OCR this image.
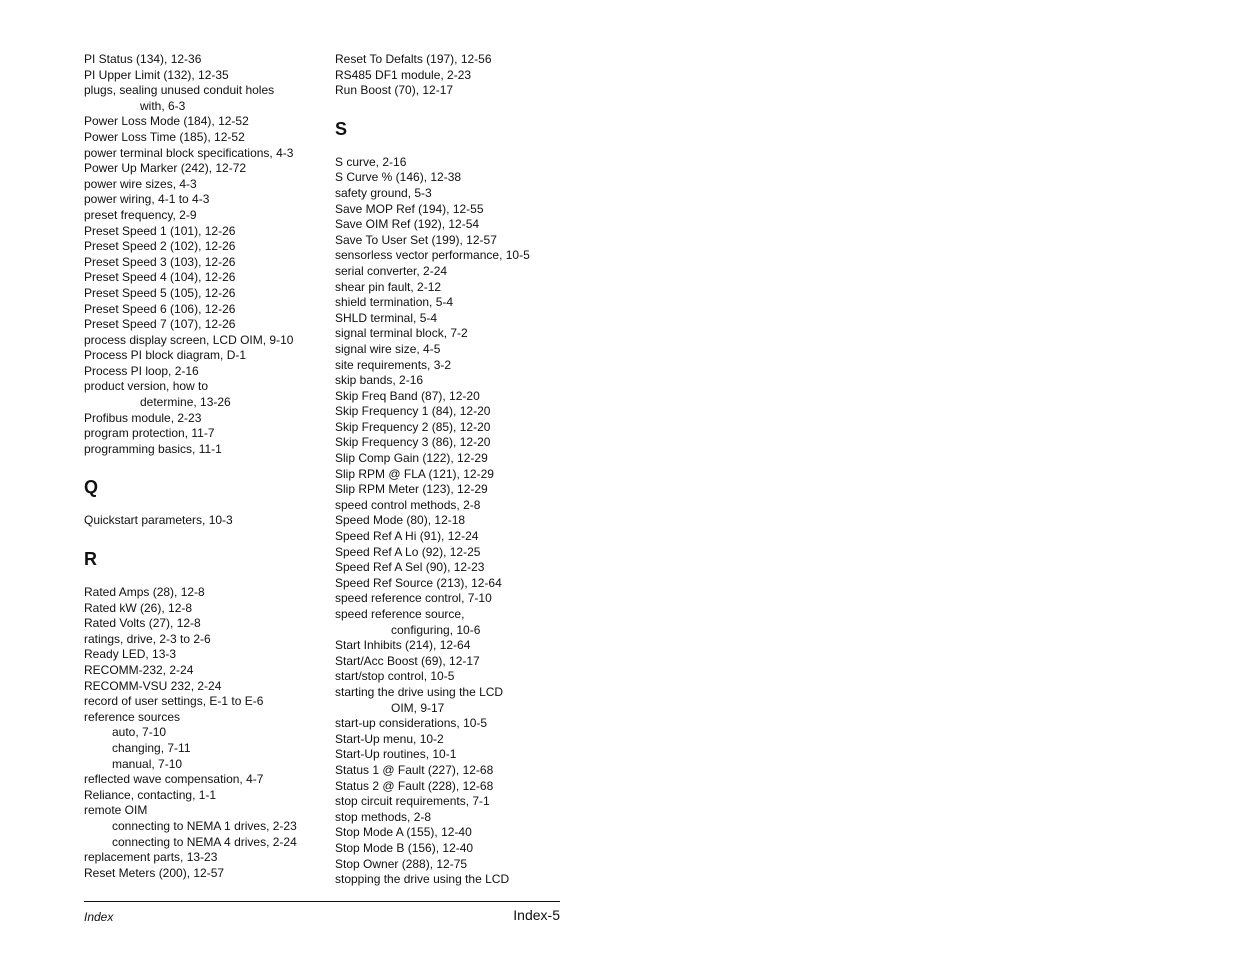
PI Status (134), 12-36
PI Upper Limit (132), 12-35
plugs, sealing unused conduit holes
with, 6-3
Power Loss Mode (184), 12-52
Power Loss Time (185), 12-52
power terminal block specifications, 4-3
Power Up Marker (242), 12-72
power wire sizes, 4-3
power wiring, 4-1 to 4-3
preset frequency, 2-9
Preset Speed 1 (101), 12-26
Preset Speed 2 (102), 12-26
Preset Speed 3 (103), 12-26
Preset Speed 4 (104), 12-26
Preset Speed 5 (105), 12-26
Preset Speed 6 (106), 12-26
Preset Speed 7 (107), 12-26
process display screen, LCD OIM, 9-10
Process PI block diagram, D-1
Process PI loop, 2-16
product version, how to
determine, 13-26
Profibus module, 2-23
program protection, 11-7
programming basics, 11-1
Q
Quickstart parameters, 10-3
R
Rated Amps (28), 12-8
Rated kW (26), 12-8
Rated Volts (27), 12-8
ratings, drive, 2-3 to 2-6
Ready LED, 13-3
RECOMM-232, 2-24
RECOMM-VSU 232, 2-24
record of user settings, E-1 to E-6
reference sources
auto, 7-10
changing, 7-11
manual, 7-10
reflected wave compensation, 4-7
Reliance, contacting, 1-1
remote OIM
connecting to NEMA 1 drives, 2-23
connecting to NEMA 4 drives, 2-24
replacement parts, 13-23
Reset Meters (200), 12-57
Reset To Defalts (197), 12-56
RS485 DF1 module, 2-23
Run Boost (70), 12-17
S
S curve, 2-16
S Curve % (146), 12-38
safety ground, 5-3
Save MOP Ref (194), 12-55
Save OIM Ref (192), 12-54
Save To User Set (199), 12-57
sensorless vector performance, 10-5
serial converter, 2-24
shear pin fault, 2-12
shield termination, 5-4
SHLD terminal, 5-4
signal terminal block, 7-2
signal wire size, 4-5
site requirements, 3-2
skip bands, 2-16
Skip Freq Band (87), 12-20
Skip Frequency 1 (84), 12-20
Skip Frequency 2 (85), 12-20
Skip Frequency 3 (86), 12-20
Slip Comp Gain (122), 12-29
Slip RPM @ FLA (121), 12-29
Slip RPM Meter (123), 12-29
speed control methods, 2-8
Speed Mode (80), 12-18
Speed Ref A Hi (91), 12-24
Speed Ref A Lo (92), 12-25
Speed Ref A Sel (90), 12-23
Speed Ref Source (213), 12-64
speed reference control, 7-10
speed reference source,
configuring, 10-6
Start Inhibits (214), 12-64
Start/Acc Boost (69), 12-17
start/stop control, 10-5
starting the drive using the LCD
OIM, 9-17
start-up considerations, 10-5
Start-Up menu, 10-2
Start-Up routines, 10-1
Status 1 @ Fault (227), 12-68
Status 2 @ Fault (228), 12-68
stop circuit requirements, 7-1
stop methods, 2-8
Stop Mode A (155), 12-40
Stop Mode B (156), 12-40
Stop Owner (288), 12-75
stopping the drive using the LCD
Index	Index-5
